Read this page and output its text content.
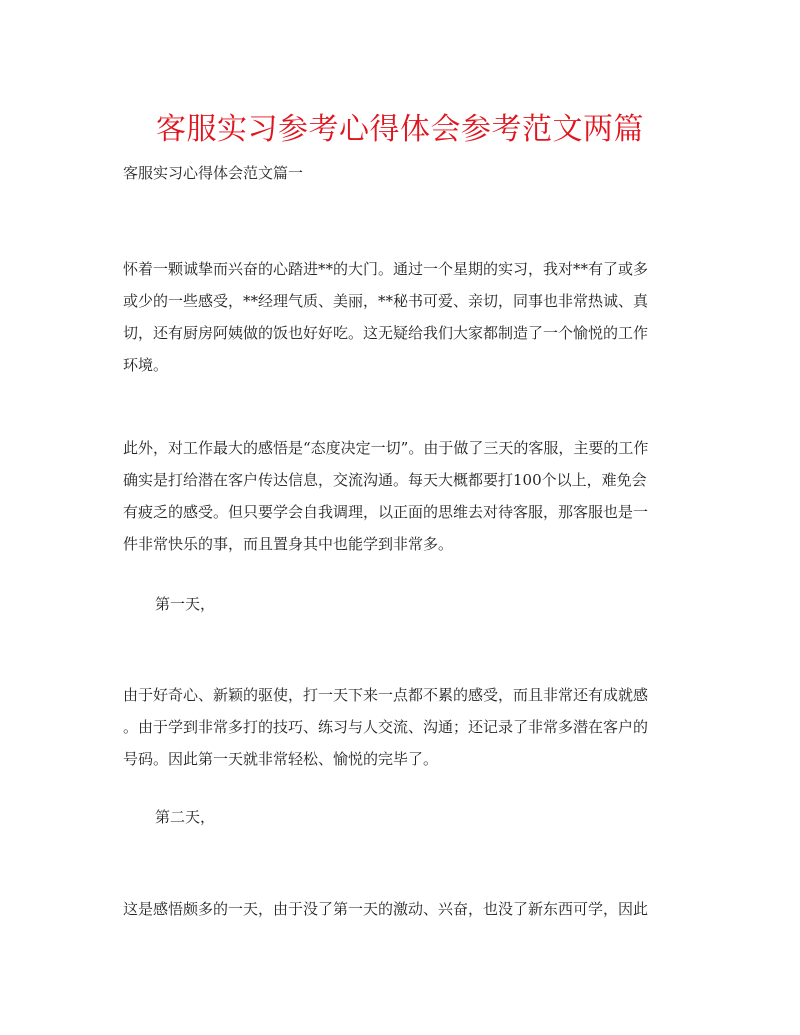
客服实习参考心得体会参考范文两篇

客服实习心得体会范文篇一

怀着一颗诚挚而兴奋的心踏进**的大门。通过一个星期的实习，我对**有了或多
或少的一些感受，**经理气质、美丽，**秘书可爱、亲切，同事也非常热诚、真
切，还有厨房阿姨做的饭也好好吃。这无疑给我们大家都制造了一个愉悦的工作
环境。

此外，对工作最大的感悟是“态度决定一切”。由于做了三天的客服，主要的工作
确实是打给潜在客户传达信息，交流沟通。每天大概都要打100个以上，难免会
有疲乏的感受。但只要学会自我调理，以正面的思维去对待客服，那客服也是一
件非常快乐的事，而且置身其中也能学到非常多。

第一天，

由于好奇心、新颖的驱使，打一天下来一点都不累的感受，而且非常还有成就感
。由于学到非常多打的技巧、练习与人交流、沟通；还记录了非常多潜在客户的
号码。因此第一天就非常轻松、愉悦的完毕了。

第二天，

这是感悟颇多的一天，由于没了第一天的激动、兴奋，也没了新东西可学，因此
